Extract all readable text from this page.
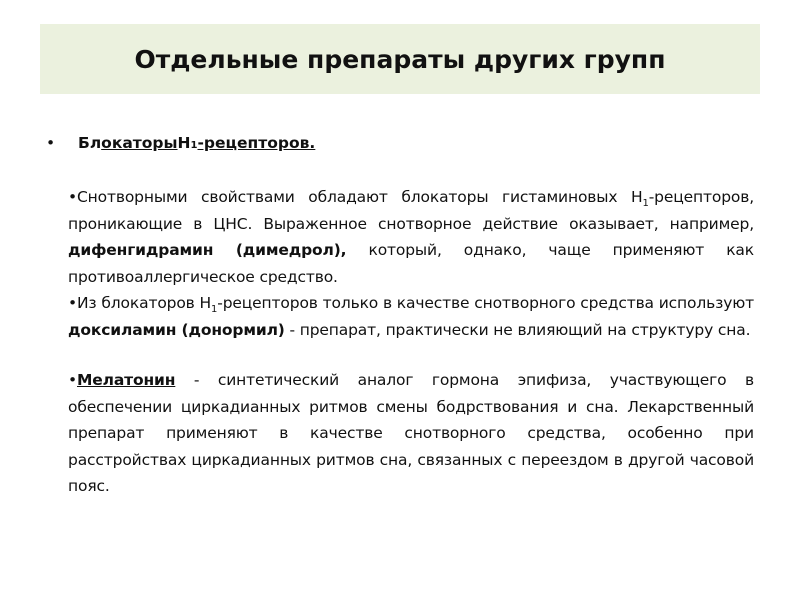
Отдельные препараты других групп
•	Бл окаторы Н 1 -рецепторов.

•Снотворными свойствами обладают блокаторы гистаминовых $Н_1$-рецепторов, проникающие в ЦНС. Выраженное снотворное действие оказывает, например, дифенгидрамин (димедрол), который, однако, чаще применяют как противоаллергическое средство.

•Из блокаторов $Н_1$-рецепторов только в качестве снотворного средства используют доксиламин (донормил) - препарат, практически не влияющий на структуру сна.

•Мелатонин - синтетический аналог гормона эпифиза, участвующего в обеспечении циркадианных ритмов смены бодрствования и сна. Лекарственный препарат применяют в качестве снотворного средства, особенно при расстройствах циркадианных ритмов сна, связанных с переездом в другой часовой пояс.
